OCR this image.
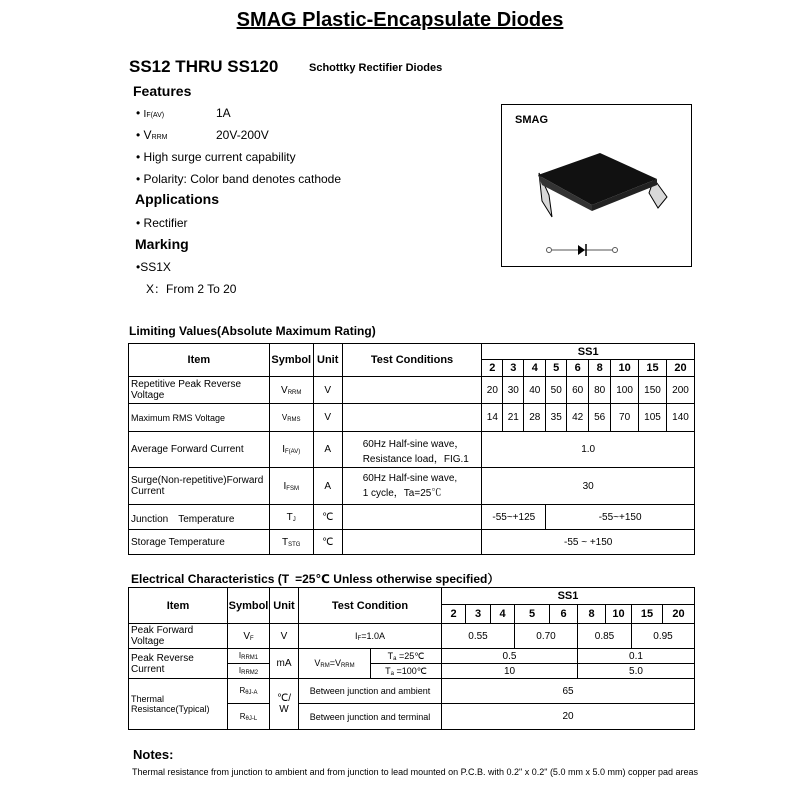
SMAG Plastic-Encapsulate Diodes
SS12 THRU SS120	Schottky Rectifier Diodes
Features
• IF(AV)	1A
• VRRM	20V-200V
• High surge current capability
• Polarity: Color band denotes cathode
Applications
• Rectifier
Marking
•SS1X
X：From 2 To 20
SMAG
Limiting Values(Absolute Maximum Rating)
Item	Symbol	Unit	Test Conditions	SS1								
				2	3	4	5	6	8	10	15	20
Repetitive Peak Reverse Voltage	$V_{RRM}$	V		20	30	40	50	60	80	100	150	200
Maximum RMS Voltage	$V_{RMS}$	V		14	21	28	35	42	56	70	105	140
Average Forward Current	$I_{F(AV)}$	A	60Hz Half-sine wave，
Resistance load，FIG.1	1.0								
Surge(Non-repetitive)Forward Current	$I_{FSM}$	A	60Hz Half-sine wave,
1 cycle，Ta=25℃	30								
Junction　Temperature	$T_J$	℃		-55~+125			-55~+150					
Storage Temperature	$T_{STG}$	℃		-55 ~ +150								
Electrical Characteristics (T =25℃ Unless otherwise specified）
Item	Symbol	Unit	Test Condition		SS1								
					2	3	4	5	6	8	10	15	20
Peak Forward Voltage	$V_F$	V	$I_F=1.0A$		0.55			0.70		0.85		0.95	
Peak Reverse Current	$I_{RRM1}$	mA	$V_{RM}=V_{RRM}$	$T_a$ =25℃	0.5					0.1			
	$I_{RRM2}$			$T_a$ =100℃	10					5.0			
Thermal Resistance(Typical)	$R_{\theta J-A}$	℃/
W	Between junction and ambient		65								
	$R_{\theta J-L}$		Between junction and terminal		20								
Notes:
Thermal resistance from junction to ambient and from junction to lead mounted on P.C.B. with 0.2" x 0.2" (5.0 mm x 5.0 mm) copper pad areas
